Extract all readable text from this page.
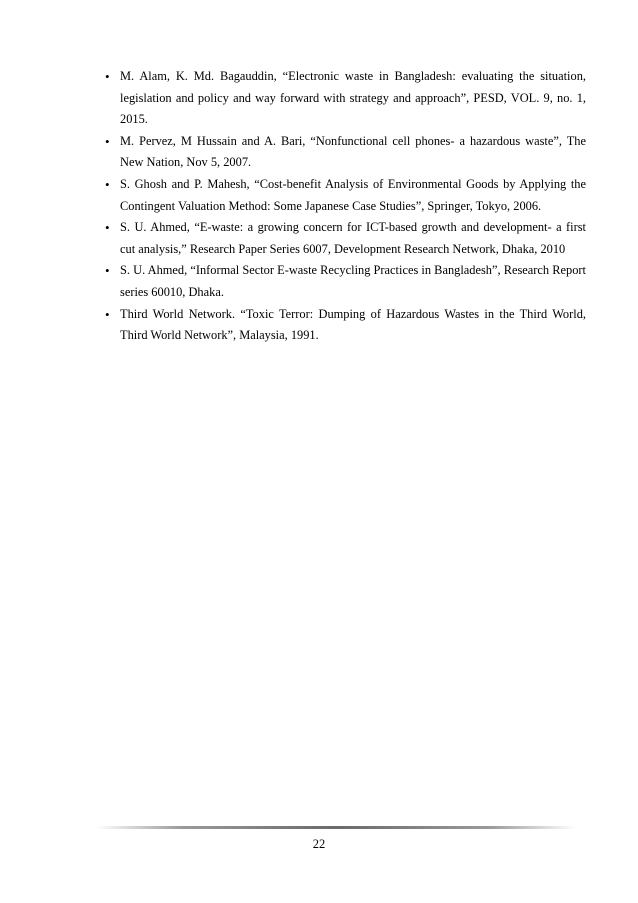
• M. Alam, K. Md. Bagauddin, “Electronic waste in Bangladesh: evaluating the situation, legislation and policy and way forward with strategy and approach”, PESD, VOL. 9, no. 1, 2015.
• M. Pervez, M Hussain and A. Bari, “Nonfunctional cell phones- a hazardous waste”, The New Nation, Nov 5, 2007.
• S. Ghosh and P. Mahesh, “Cost-benefit Analysis of Environmental Goods by Applying the Contingent Valuation Method: Some Japanese Case Studies”, Springer, Tokyo, 2006.
• S. U. Ahmed, “E-waste: a growing concern for ICT-based growth and development- a first cut analysis,” Research Paper Series 6007, Development Research Network, Dhaka, 2010
• S. U. Ahmed, “Informal Sector E-waste Recycling Practices in Bangladesh”, Research Report series 60010, Dhaka.
• Third World Network. “Toxic Terror: Dumping of Hazardous Wastes in the Third World, Third World Network”, Malaysia, 1991.
22
